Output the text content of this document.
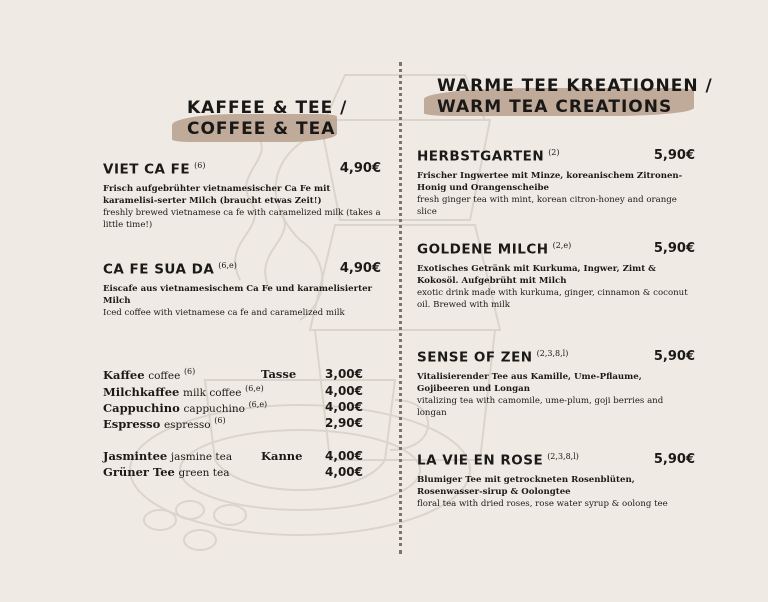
KAFFEE & TEE /
COFFEE & TEA
VIET CA FE $^{(6)}$	4,90€
Frisch aufgebrühter vietnamesischer Ca Fe mit karamelisi-serter Milch (braucht etwas Zeit!)
freshly brewed vietnamese ca fe with caramelized milk (takes a little time!)
CA FE SUA DA $^{(6,e)}$	4,90€
Eiscafe aus vietnamesischem Ca Fe und karamelisierter Milch
Iced coffee with vietnamese ca fe and caramelized milk
Kaffee coffee $^{(6)}$	Tasse 3,00€
Milchkaffee milk coffee $^{(6,e)}$	4,00€
Cappuchino cappuchino $^{(6,e)}$	4,00€
Espresso espresso $^{(6)}$	2,90€
Jasmintee jasmine tea	Kanne 4,00€
Grüner Tee green tea	4,00€
WARME TEE KREATIONEN /
WARM TEA CREATIONS
HERBSTGARTEN $^{(2)}$	5,90€
Frischer Ingwertee mit Minze, koreanischem Zitronen-Honig und Orangenscheibe
fresh ginger tea with mint, korean citron-honey and orange slice
GOLDENE MILCH $^{(2,e)}$	5,90€
Exotisches Getränk mit Kurkuma, Ingwer, Zimt & Kokosöl. Aufgebrüht mit Milch
exotic drink made with kurkuma, ginger, cinnamon & coconut oil. Brewed with milk
SENSE OF ZEN $^{(2,3,8,l)}$	5,90€
Vitalisierender Tee aus Kamille, Ume-Pflaume, Gojibeeren und Longan
vitalizing tea with camomile, ume-plum, goji berries and longan
LA VIE EN ROSE $^{(2,3,8,l)}$	5,90€
Blumiger Tee mit getrockneten Rosenblüten, Rosenwasser-sirup & Oolongtee
floral tea with dried roses, rose water syrup & oolong tee
